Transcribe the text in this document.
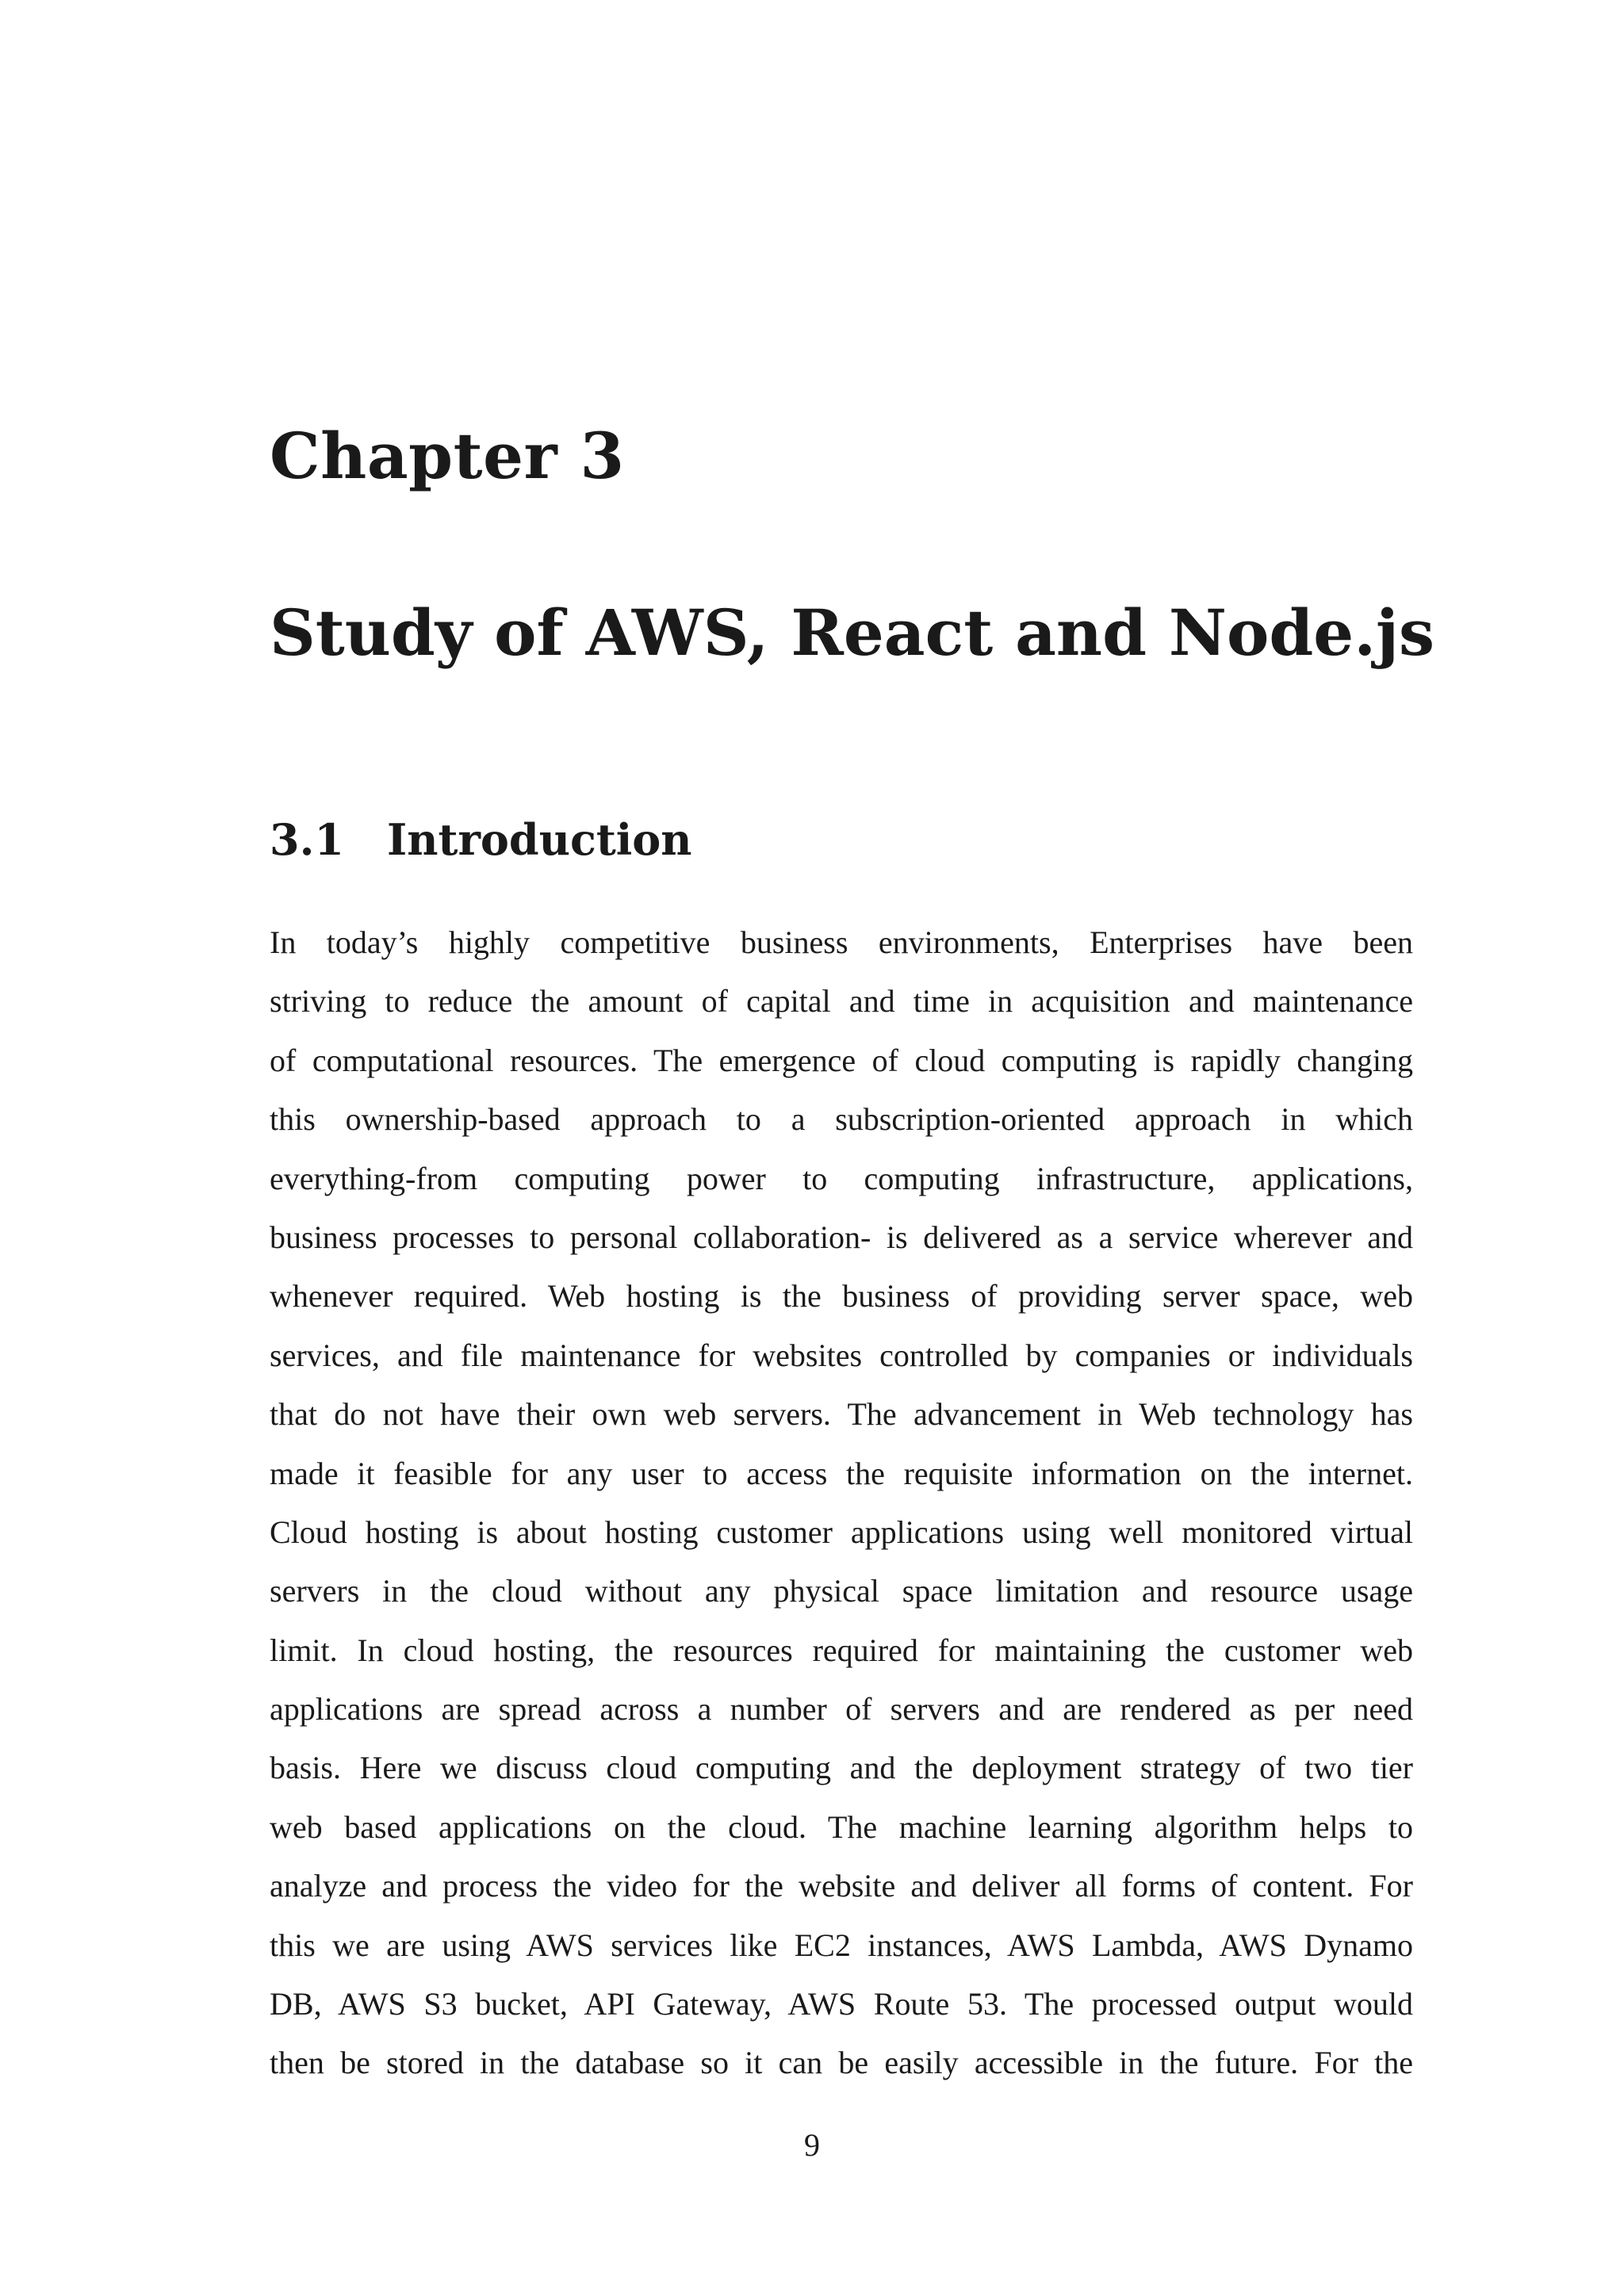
Chapter 3
Study of AWS, React and Node.js
3.1 Introduction
In today’s highly competitive business environments, Enterprises have been
striving to reduce the amount of capital and time in acquisition and maintenance
of computational resources. The emergence of cloud computing is rapidly changing
this ownership-based approach to a subscription-oriented approach in which
everything-from computing power to computing infrastructure, applications,
business processes to personal collaboration- is delivered as a service wherever and
whenever required. Web hosting is the business of providing server space, web
services, and file maintenance for websites controlled by companies or individuals
that do not have their own web servers. The advancement in Web technology has
made it feasible for any user to access the requisite information on the internet.
Cloud hosting is about hosting customer applications using well monitored virtual
servers in the cloud without any physical space limitation and resource usage
limit. In cloud hosting, the resources required for maintaining the customer web
applications are spread across a number of servers and are rendered as per need
basis. Here we discuss cloud computing and the deployment strategy of two tier
web based applications on the cloud. The machine learning algorithm helps to
analyze and process the video for the website and deliver all forms of content. For
this we are using AWS services like EC2 instances, AWS Lambda, AWS Dynamo
DB, AWS S3 bucket, API Gateway, AWS Route 53. The processed output would
then be stored in the database so it can be easily accessible in the future. For the

9
